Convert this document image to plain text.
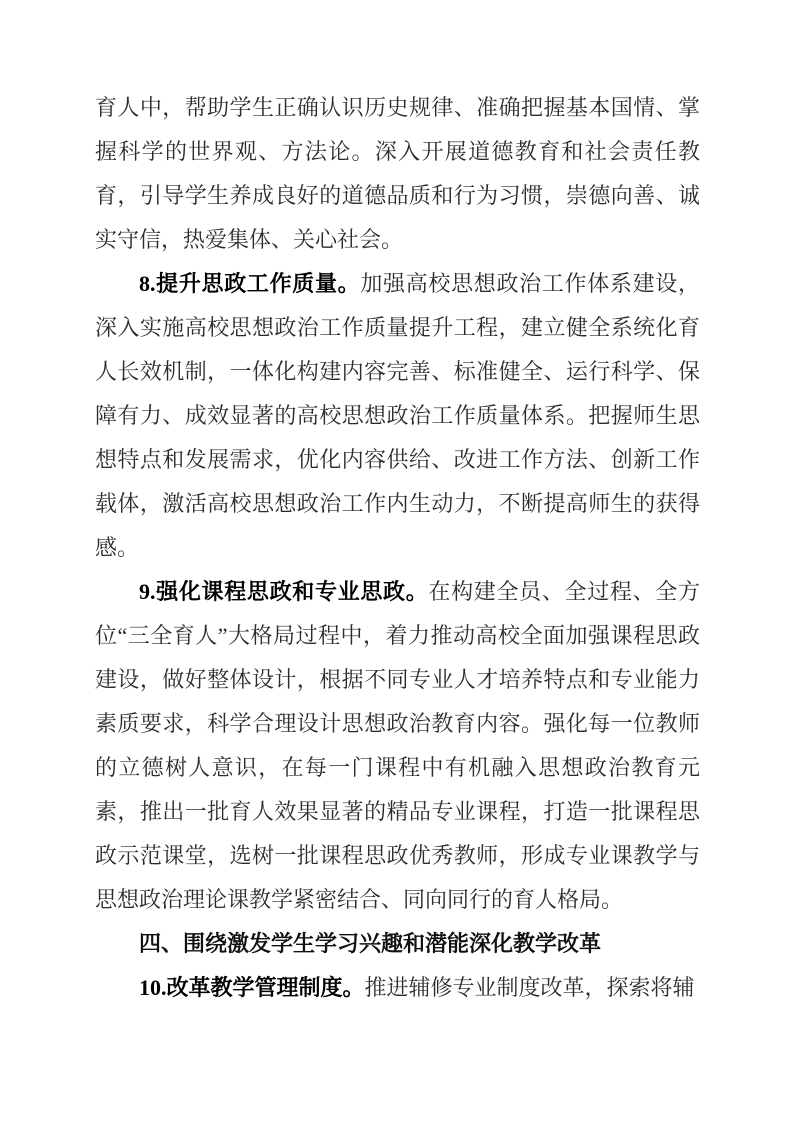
育人中，帮助学生正确认识历史规律、准确把握基本国情、掌握科学的世界观、方法论。深入开展道德教育和社会责任教育，引导学生养成良好的道德品质和行为习惯，崇德向善、诚实守信，热爱集体、关心社会。

8.提升思政工作质量。加强高校思想政治工作体系建设，深入实施高校思想政治工作质量提升工程，建立健全系统化育人长效机制，一体化构建内容完善、标准健全、运行科学、保障有力、成效显著的高校思想政治工作质量体系。把握师生思想特点和发展需求，优化内容供给、改进工作方法、创新工作载体，激活高校思想政治工作内生动力，不断提高师生的获得感。

9.强化课程思政和专业思政。在构建全员、全过程、全方位“三全育人”大格局过程中，着力推动高校全面加强课程思政建设，做好整体设计，根据不同专业人才培养特点和专业能力素质要求，科学合理设计思想政治教育内容。强化每一位教师的立德树人意识，在每一门课程中有机融入思想政治教育元素，推出一批育人效果显著的精品专业课程，打造一批课程思政示范课堂，选树一批课程思政优秀教师，形成专业课教学与思想政治理论课教学紧密结合、同向同行的育人格局。

四、围绕激发学生学习兴趣和潜能深化教学改革

10.改革教学管理制度。推进辅修专业制度改革，探索将辅
